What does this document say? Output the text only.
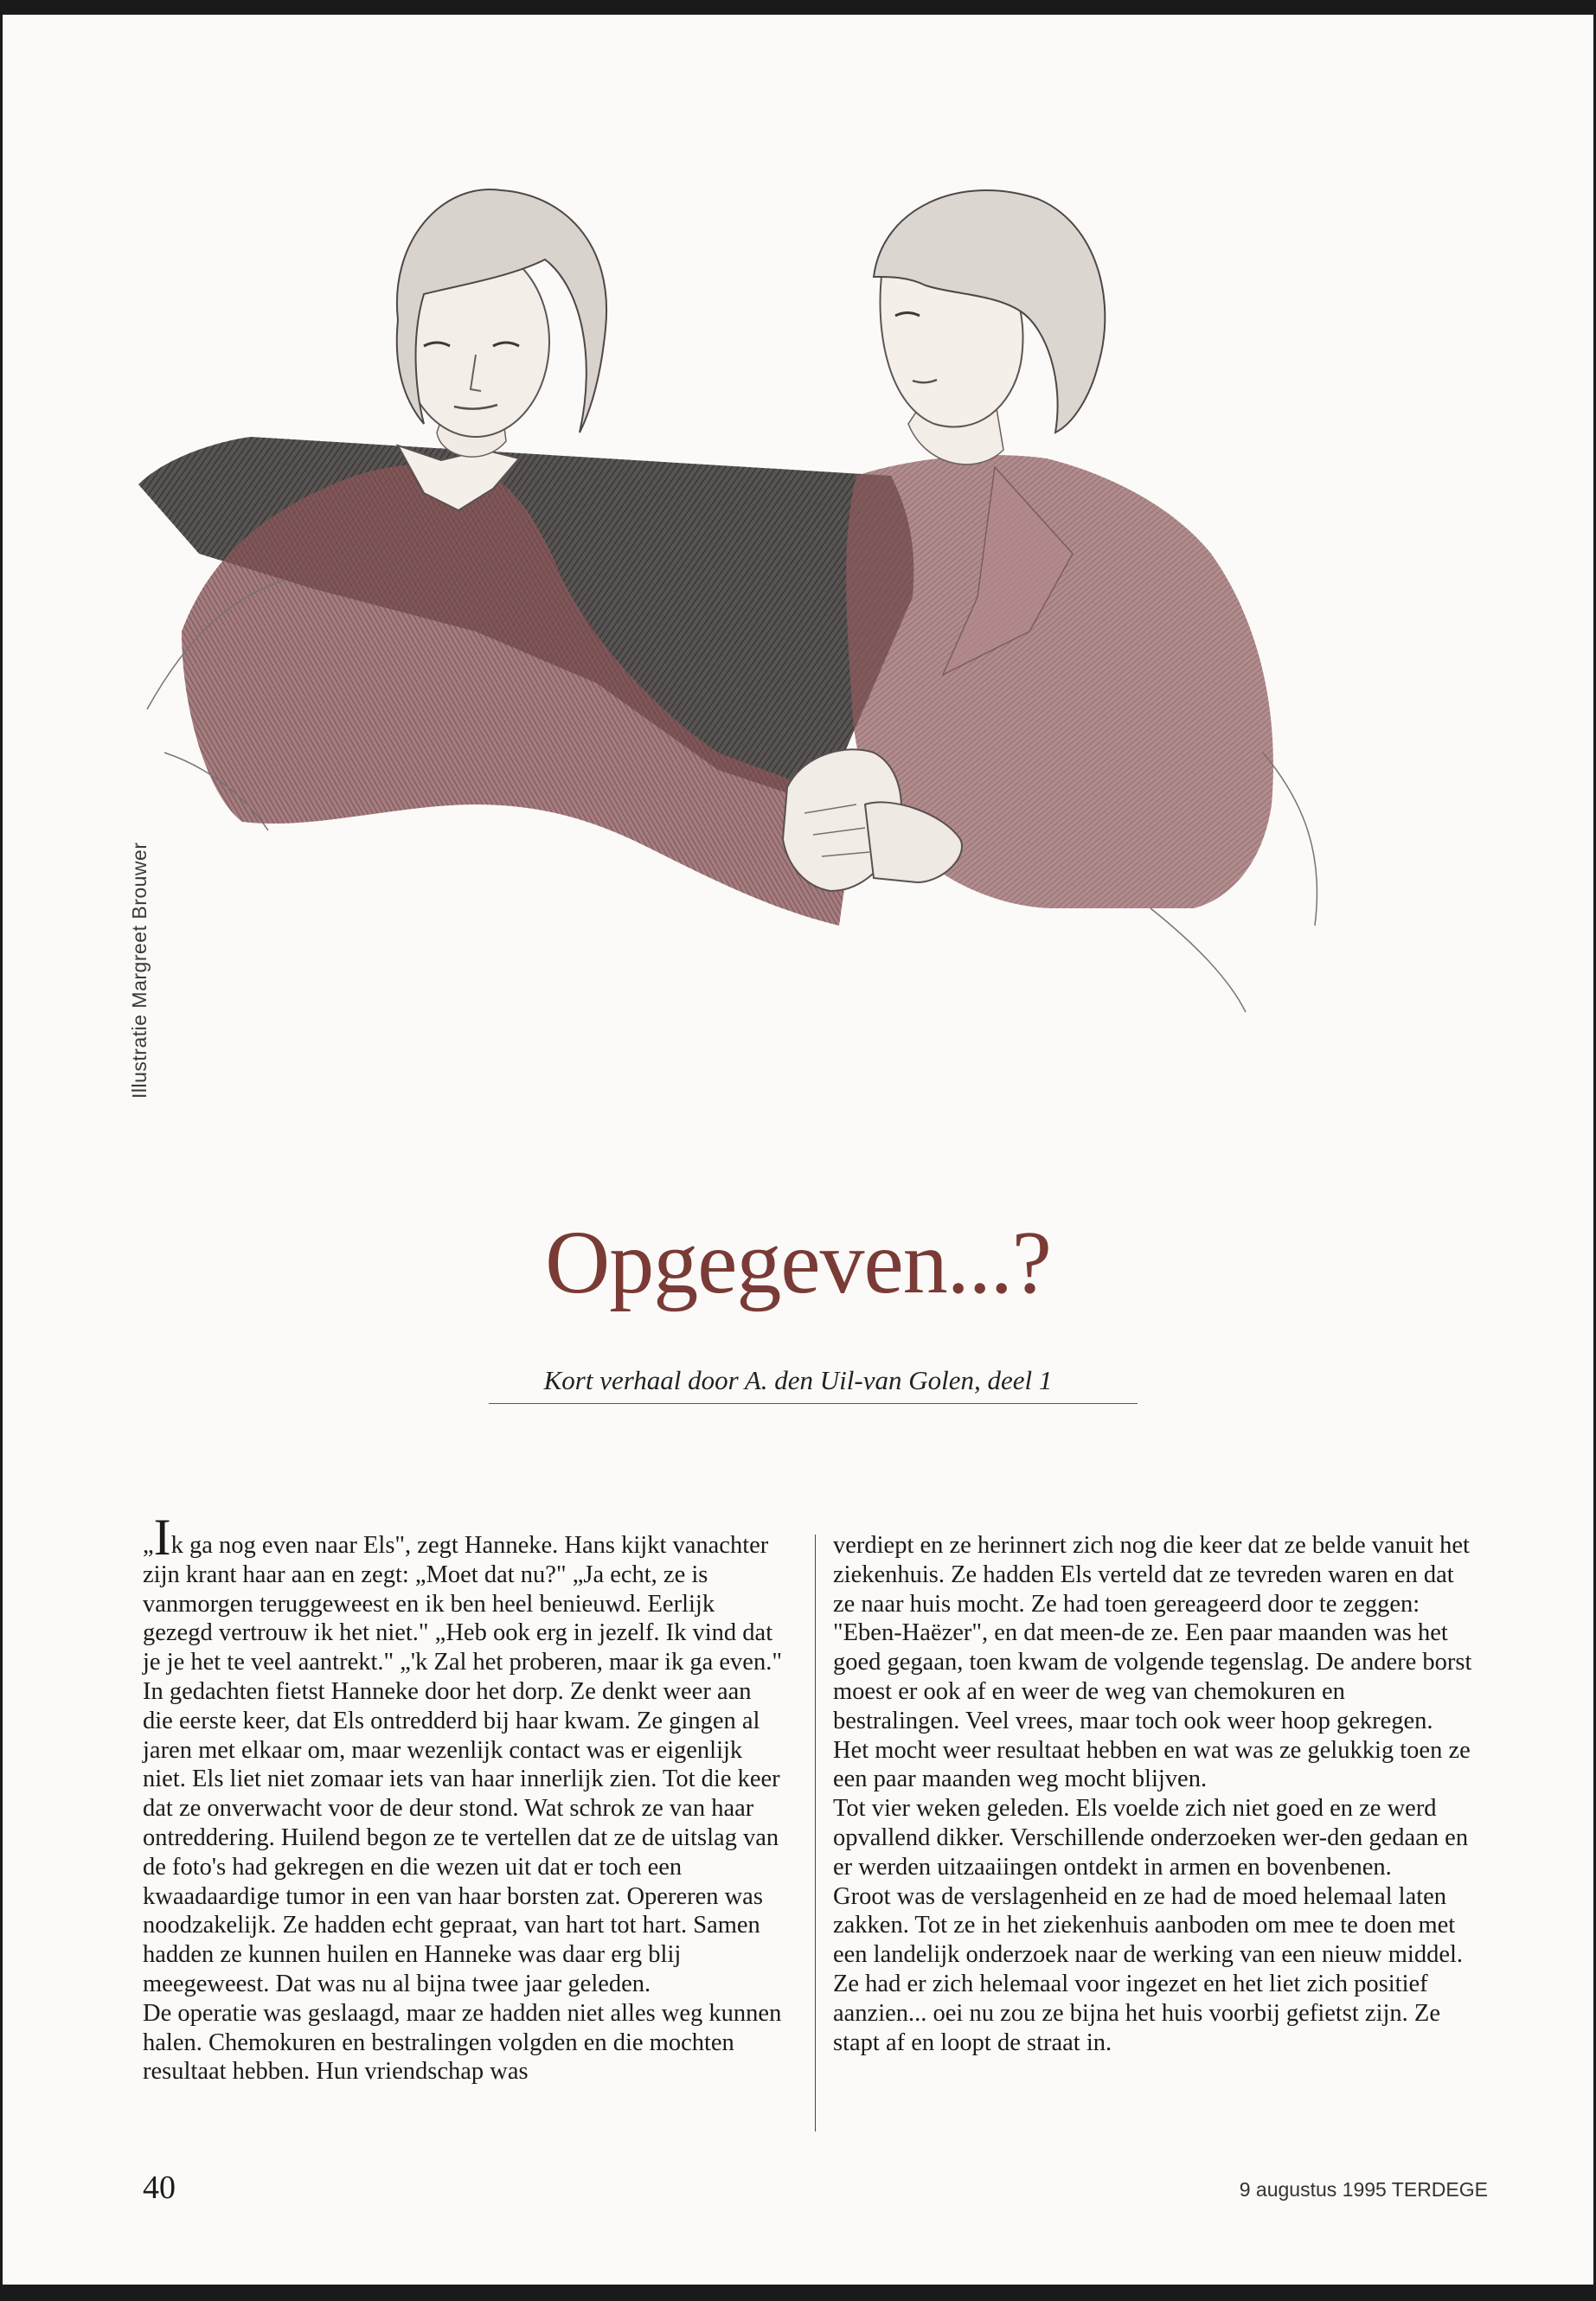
Illustratie Margreet Brouwer
Opgegeven...?
Kort verhaal door A. den Uil-van Golen, deel 1

„Ik ga nog even naar Els", zegt Hanneke. Hans kijkt vanachter zijn krant haar aan en zegt: „Moet dat nu?" „Ja echt, ze is vanmorgen teruggeweest en ik ben heel benieuwd. Eerlijk gezegd vertrouw ik het niet." „Heb ook erg in jezelf. Ik vind dat je je het te veel aantrekt." „'k Zal het proberen, maar ik ga even." In gedachten fietst Hanneke door het dorp. Ze denkt weer aan die eerste keer, dat Els ontredderd bij haar kwam. Ze gingen al jaren met elkaar om, maar wezenlijk contact was er eigenlijk niet. Els liet niet zomaar iets van haar innerlijk zien. Tot die keer dat ze onverwacht voor de deur stond. Wat schrok ze van haar ontreddering. Huilend begon ze te vertellen dat ze de uitslag van de foto's had gekregen en die wezen uit dat er toch een kwaadaardige tumor in een van haar borsten zat. Opereren was noodzakelijk. Ze hadden echt gepraat, van hart tot hart. Samen hadden ze kunnen huilen en Hanneke was daar erg blij meegeweest. Dat was nu al bijna twee jaar geleden.

De operatie was geslaagd, maar ze hadden niet alles weg kunnen halen. Chemokuren en bestralingen volgden en die mochten resultaat hebben. Hun vriendschap was

verdiept en ze herinnert zich nog die keer dat ze belde vanuit het ziekenhuis. Ze hadden Els verteld dat ze tevreden waren en dat ze naar huis mocht. Ze had toen gereageerd door te zeggen: "Eben-Haëzer", en dat meen-de ze. Een paar maanden was het goed gegaan, toen kwam de volgende tegenslag. De andere borst moest er ook af en weer de weg van chemokuren en bestralingen. Veel vrees, maar toch ook weer hoop gekregen. Het mocht weer resultaat hebben en wat was ze gelukkig toen ze een paar maanden weg mocht blijven.

Tot vier weken geleden. Els voelde zich niet goed en ze werd opvallend dikker. Verschillende onderzoeken wer-den gedaan en er werden uitzaaiingen ontdekt in armen en bovenbenen.

Groot was de verslagenheid en ze had de moed helemaal laten zakken. Tot ze in het ziekenhuis aanboden om mee te doen met een landelijk onderzoek naar de werking van een nieuw middel.

Ze had er zich helemaal voor ingezet en het liet zich positief aanzien... oei nu zou ze bijna het huis voorbij gefietst zijn. Ze stapt af en loopt de straat in.

40	9 augustus 1995 TERDEGE
